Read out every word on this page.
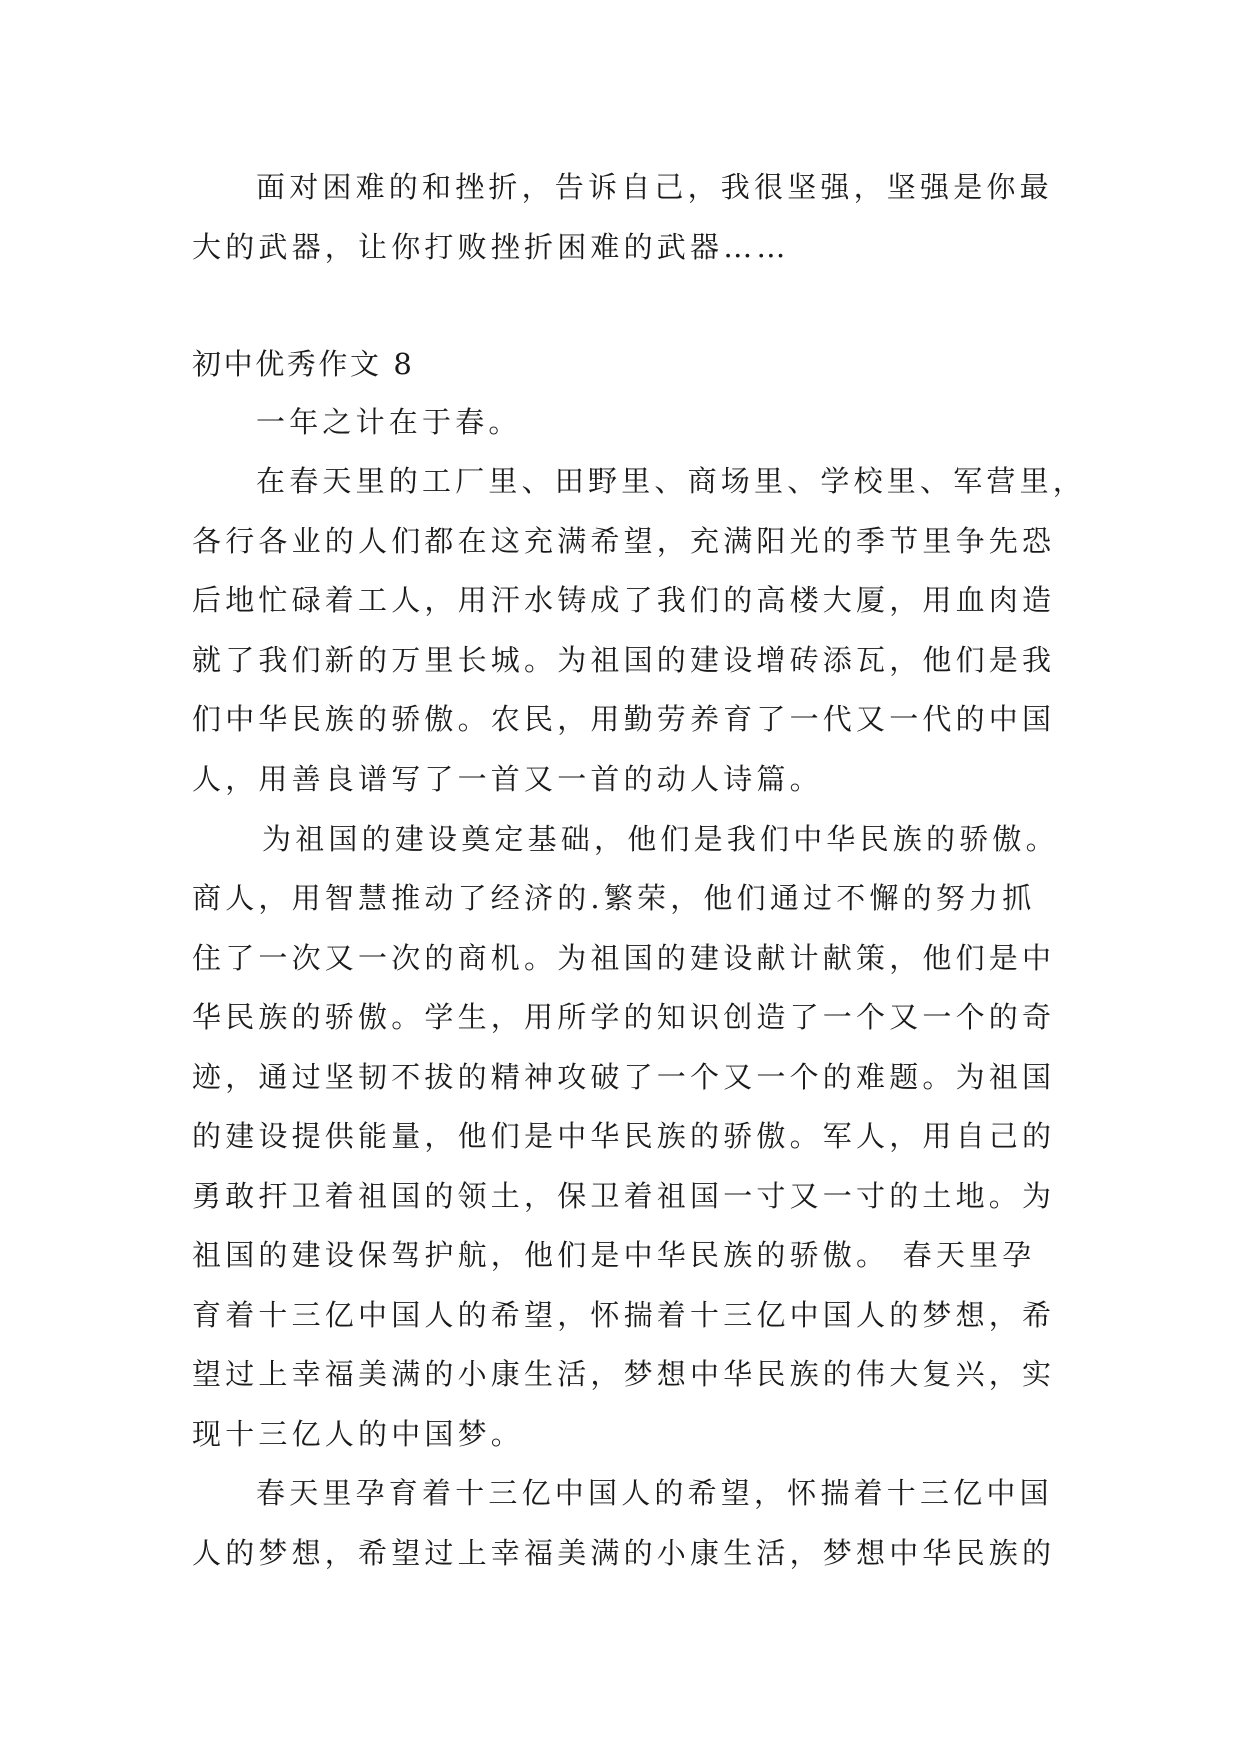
面对困难的和挫折，告诉自己，我很坚强，坚强是你最

大的武器，让你打败挫折困难的武器……

初中优秀作文 8

一年之计在于春。

在春天里的工厂里、田野里、商场里、学校里、军营里，

各行各业的人们都在这充满希望，充满阳光的季节里争先恐

后地忙碌着工人，用汗水铸成了我们的高楼大厦，用血肉造

就了我们新的万里长城。为祖国的建设增砖添瓦，他们是我

们中华民族的骄傲。农民，用勤劳养育了一代又一代的中国

人，用善良谱写了一首又一首的动人诗篇。

为祖国的建设奠定基础，他们是我们中华民族的骄傲。

商人，用智慧推动了经济的.繁荣，他们通过不懈的努力抓

住了一次又一次的商机。为祖国的建设献计献策，他们是中

华民族的骄傲。学生，用所学的知识创造了一个又一个的奇

迹，通过坚韧不拔的精神攻破了一个又一个的难题。为祖国

的建设提供能量，他们是中华民族的骄傲。军人，用自己的

勇敢扞卫着祖国的领土，保卫着祖国一寸又一寸的土地。为

祖国的建设保驾护航，他们是中华民族的骄傲。 春天里孕

育着十三亿中国人的希望，怀揣着十三亿中国人的梦想，希

望过上幸福美满的小康生活，梦想中华民族的伟大复兴，实

现十三亿人的中国梦。

春天里孕育着十三亿中国人的希望，怀揣着十三亿中国

人的梦想，希望过上幸福美满的小康生活，梦想中华民族的
